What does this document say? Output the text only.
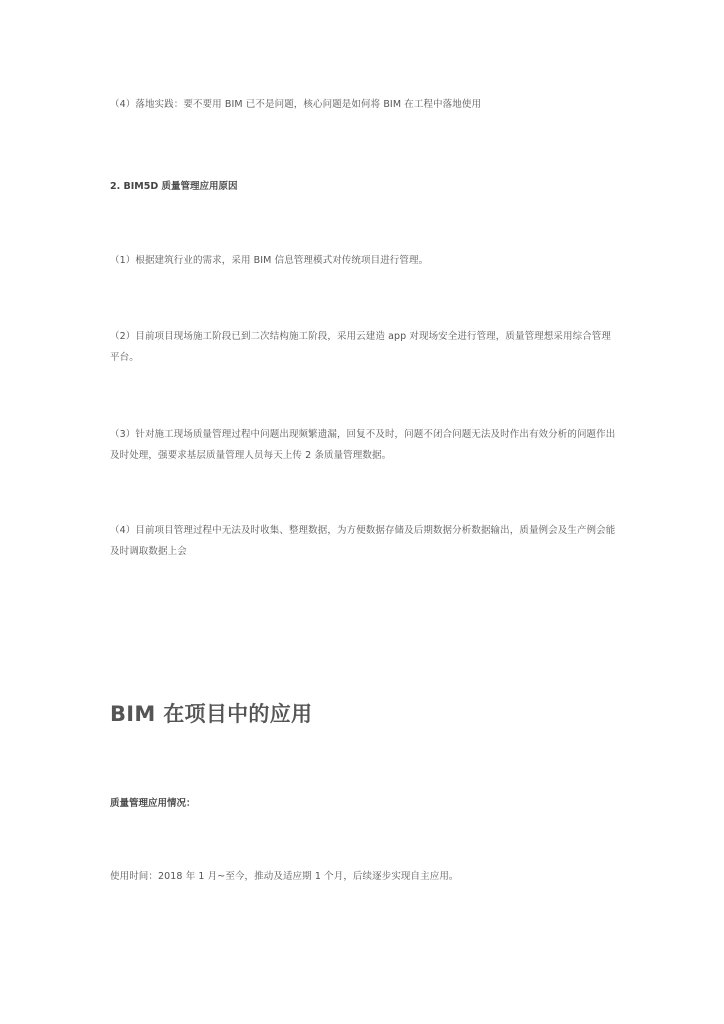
（4）落地实践：要不要用 BIM 已不是问题，核心问题是如何将 BIM 在工程中落地使用

2. BIM5D 质量管理应用原因

（1）根据建筑行业的需求，采用 BIM 信息管理模式对传统项目进行管理。

（2）目前项目现场施工阶段已到二次结构施工阶段，采用云建造 app 对现场安全进行管理，质量管理想采用综合管理平台。

（3）针对施工现场质量管理过程中问题出现频繁遗漏，回复不及时，问题不闭合问题无法及时作出有效分析的问题作出及时处理，强要求基层质量管理人员每天上传 2 条质量管理数据。

（4）目前项目管理过程中无法及时收集、整理数据，为方便数据存储及后期数据分析数据输出，质量例会及生产例会能及时调取数据上会

BIM 在项目中的应用

质量管理应用情况：

使用时间：2018 年 1 月~至今，推动及适应期 1 个月，后续逐步实现自主应用。
